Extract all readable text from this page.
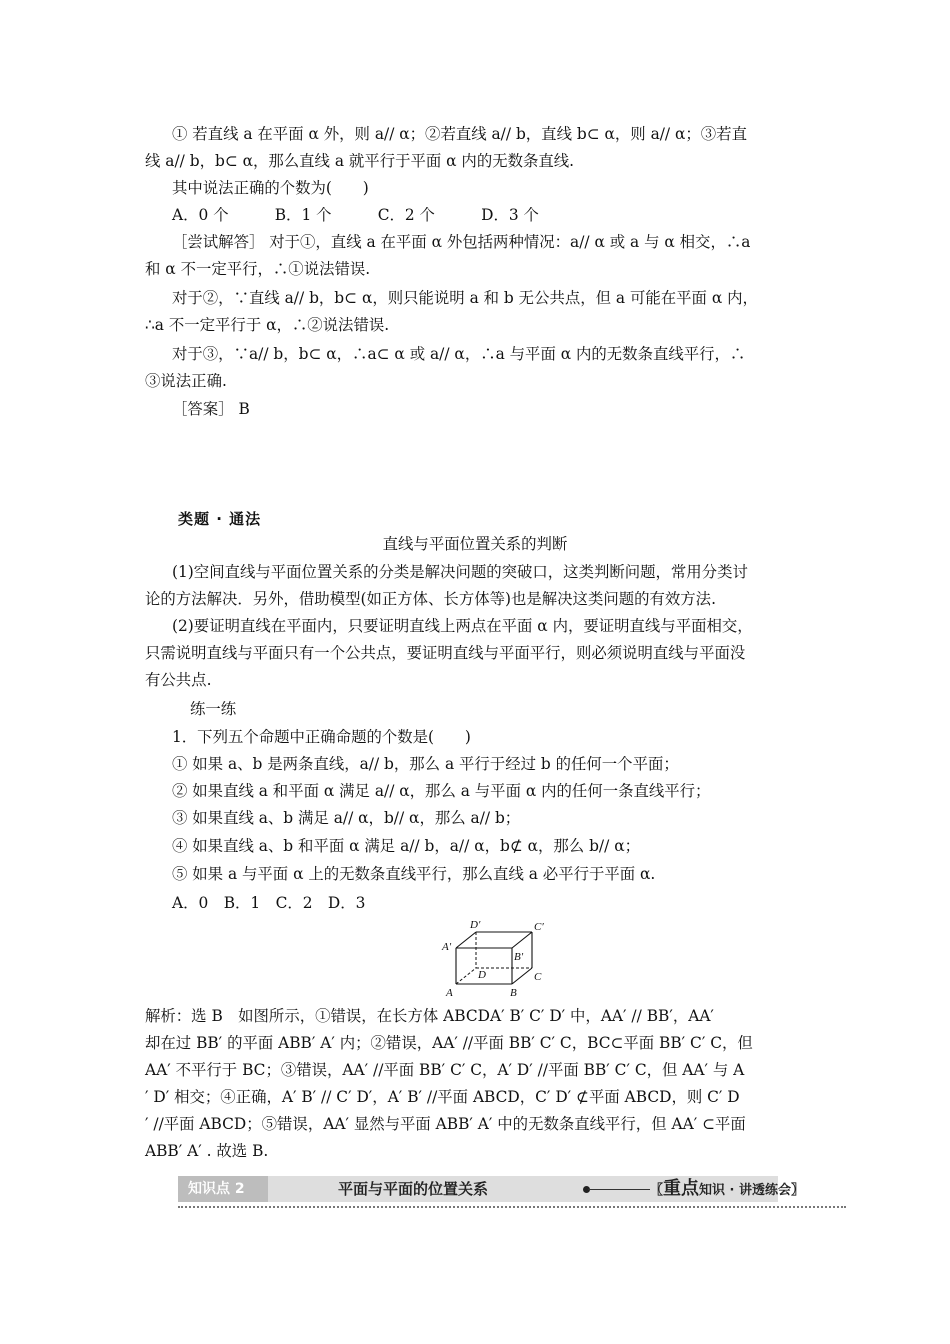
① 若直线 a 在平面 α 外，则 a// α；②若直线 a// b，直线 b⊂ α，则 a// α；③若直
线 a// b，b⊂ α，那么直线 a 就平行于平面 α 内的无数条直线.
其中说法正确的个数为(　　)
A．0 个　　　B．1 个　　　C．2 个　　　D．3 个
［尝试解答］ 对于①，直线 a 在平面 α 外包括两种情况：a// α 或 a 与 α 相交，∴a
和 α 不一定平行，∴①说法错误.
对于②，∵直线 a// b，b⊂ α，则只能说明 a 和 b 无公共点，但 a 可能在平面 α 内，
∴a 不一定平行于 α，∴②说法错误.
对于③，∵a// b，b⊂ α，∴a⊂ α 或 a// α，∴a 与平面 α 内的无数条直线平行，∴
③说法正确.
［答案］ B
类题 · 通法
直线与平面位置关系的判断
(1)空间直线与平面位置关系的分类是解决问题的突破口，这类判断问题，常用分类讨
论的方法解决．另外，借助模型(如正方体、长方体等)也是解决这类问题的有效方法.
(2)要证明直线在平面内，只要证明直线上两点在平面 α 内，要证明直线与平面相交，
只需说明直线与平面只有一个公共点，要证明直线与平面平行，则必须说明直线与平面没
有公共点.
练一练
1．下列五个命题中正确命题的个数是(　　)
① 如果 a、b 是两条直线，a// b，那么 a 平行于经过 b 的任何一个平面；
② 如果直线 a 和平面 α 满足 a// α，那么 a 与平面 α 内的任何一条直线平行；
③ 如果直线 a、b 满足 a// α，b// α，那么 a// b；
④ 如果直线 a、b 和平面 α 满足 a// b，a// α，b⊄ α，那么 b// α；
⑤ 如果 a 与平面 α 上的无数条直线平行，那么直线 a 必平行于平面 α.
A．0　B．1　C．2　D．3
D′	C′
A′
B′
D	C
A	B
解析：选 B　如图所示，①错误，在长方体 ABCDA′ B′ C′ D′ 中，AA′ // BB′，AA′
却在过 BB′ 的平面 ABB′ A′ 内；②错误，AA′ //平面 BB′ C′ C，BC⊂平面 BB′ C′ C，但
AA′ 不平行于 BC；③错误，AA′ //平面 BB′ C′ C，A′ D′ //平面 BB′ C′ C，但 AA′ 与 A
′ D′ 相交；④正确，A′ B′ // C′ D′，A′ B′ //平面 ABCD，C′ D′ ⊄平面 ABCD，则 C′ D
′ //平面 ABCD；⑤错误，AA′ 显然与平面 ABB′ A′ 中的无数条直线平行，但 AA′ ⊂平面
ABB′ A′ . 故选 B.
知识点 2	平面与平面的位置关系	〖重点知识 · 讲透练会〗
